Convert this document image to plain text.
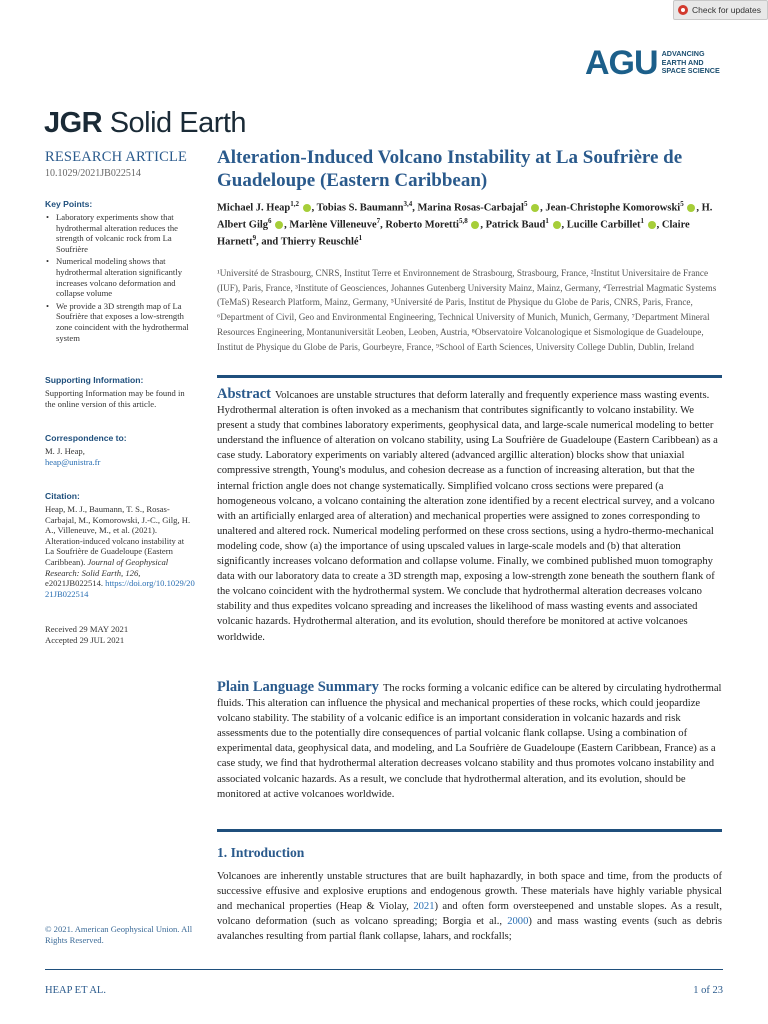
Check for updates
AGU ADVANCING
EARTH AND
SPACE SCIENCE
JGR Solid Earth
RESEARCH ARTICLE
10.1029/2021JB022514
Key Points:
• Laboratory experiments show that hydrothermal alteration reduces the strength of volcanic rock from La Soufrière
• Numerical modeling shows that hydrothermal alteration significantly increases volcano deformation and collapse volume
• We provide a 3D strength map of La Soufrière that exposes a low-strength zone coincident with the hydrothermal system
Supporting Information:
Supporting Information may be found in the online version of this article.
Correspondence to:
M. J. Heap,
heap@unistra.fr
Citation:
Heap, M. J., Baumann, T. S., Rosas-Carbajal, M., Komorowski, J.-C., Gilg, H. A., Villeneuve, M., et al. (2021). Alteration-induced volcano instability at La Soufrière de Guadeloupe (Eastern Caribbean). Journal of Geophysical Research: Solid Earth, 126, e2021JB022514. https://doi.org/10.1029/2021JB022514
Received 29 MAY 2021
Accepted 29 JUL 2021
© 2021. American Geophysical Union. All Rights Reserved.
Alteration-Induced Volcano Instability at La Soufrière de Guadeloupe (Eastern Caribbean)
Michael J. Heap$^{1,2}$ , Tobias S. Baumann$^{3,4}$, Marina Rosas-Carbajal$^5$ , Jean-Christophe Komorowski$^5$ , H. Albert Gilg$^6$ , Marlène Villeneuve$^7$, Roberto Moretti$^{5,8}$ , Patrick Baud$^1$ , Lucille Carbillet$^1$ , Claire Harnett$^9$, and Thierry Reuschlé$^1$
¹Université de Strasbourg, CNRS, Institut Terre et Environnement de Strasbourg, Strasbourg, France, ²Institut Universitaire de France (IUF), Paris, France, ³Institute of Geosciences, Johannes Gutenberg University Mainz, Mainz, Germany, ⁴Terrestrial Magmatic Systems (TeMaS) Research Platform, Mainz, Germany, ⁵Université de Paris, Institut de Physique du Globe de Paris, CNRS, Paris, France, ⁶Department of Civil, Geo and Environmental Engineering, Technical University of Munich, Munich, Germany, ⁷Department Mineral Resources Engineering, Montanuniversität Leoben, Leoben, Austria, ⁸Observatoire Volcanologique et Sismologique de Guadeloupe, Institut de Physique du Globe de Paris, Gourbeyre, France, ⁹School of Earth Sciences, University College Dublin, Dublin, Ireland
Abstract Volcanoes are unstable structures that deform laterally and frequently experience mass wasting events. Hydrothermal alteration is often invoked as a mechanism that contributes significantly to volcano instability. We present a study that combines laboratory experiments, geophysical data, and large-scale numerical modeling to better understand the influence of alteration on volcano stability, using La Soufrière de Guadeloupe (Eastern Caribbean) as a case study. Laboratory experiments on variably altered (advanced argillic alteration) blocks show that uniaxial compressive strength, Young's modulus, and cohesion decrease as a function of increasing alteration, but that the internal friction angle does not change systematically. Simplified volcano cross sections were prepared (a homogeneous volcano, a volcano containing the alteration zone identified by a recent electrical survey, and a volcano with an artificially enlarged area of alteration) and mechanical properties were assigned to zones corresponding to unaltered and altered rock. Numerical modeling performed on these cross sections, using a hydro-thermo-mechanical modeling code, show (a) the importance of using upscaled values in large-scale models and (b) that alteration significantly increases volcano deformation and collapse volume. Finally, we combined published muon tomography data with our laboratory data to create a 3D strength map, exposing a low-strength zone beneath the southern flank of the volcano coincident with the hydrothermal system. We conclude that hydrothermal alteration decreases volcano stability and thus expedites volcano spreading and increases the likelihood of mass wasting events and associated volcanic hazards. Hydrothermal alteration, and its evolution, should therefore be monitored at active volcanoes worldwide.
Plain Language Summary The rocks forming a volcanic edifice can be altered by circulating hydrothermal fluids. This alteration can influence the physical and mechanical properties of these rocks, which could jeopardize volcano stability. The stability of a volcanic edifice is an important consideration in volcanic hazards and risk assessments due to the potentially dire consequences of partial volcanic flank collapse. Using a combination of experimental data, geophysical data, and modeling, and La Soufrière de Guadeloupe (Eastern Caribbean, France) as a case study, we find that hydrothermal alteration decreases volcano stability and thus promotes volcano instability and associated volcanic hazards. As a result, we conclude that hydrothermal alteration, and its evolution, should be monitored at active volcanoes worldwide.
1. Introduction
Volcanoes are inherently unstable structures that are built haphazardly, in both space and time, from the products of successive effusive and explosive eruptions and endogenous growth. These materials have highly variable physical and mechanical properties (Heap & Violay, 2021) and often form oversteepened and unstable slopes. As a result, volcano deformation (such as volcano spreading; Borgia et al., 2000) and mass wasting events (such as debris avalanches resulting from partial flank collapse, lahars, and rockfalls;
HEAP ET AL.	1 of 23
